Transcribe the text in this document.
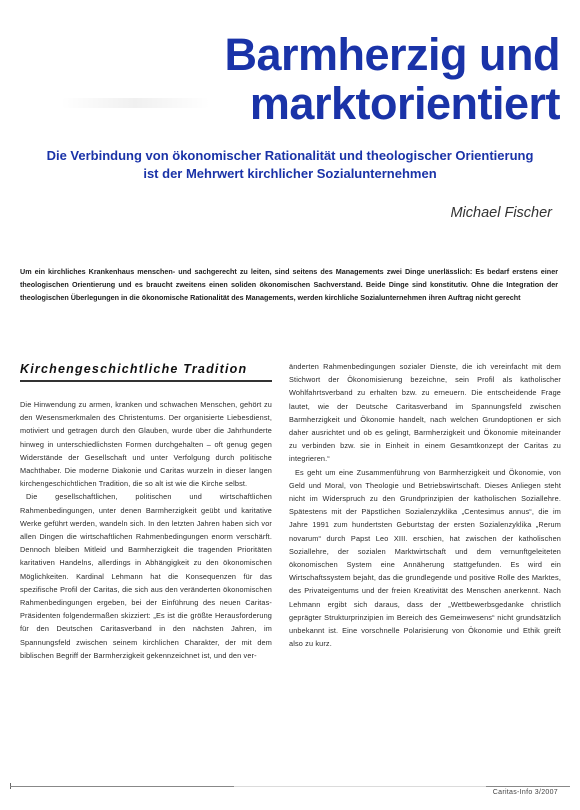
Barmherzig und
marktorientiert
Die Verbindung von ökonomischer Rationalität und theologischer Orientierung
ist der Mehrwert kirchlicher Sozialunternehmen
Michael Fischer

Um ein kirchliches Krankenhaus menschen- und sachgerecht zu leiten, sind seitens des Managements zwei Dinge unerlässlich: Es bedarf erstens einer theologischen Orientierung und es braucht zweitens einen soliden ökonomischen Sachverstand. Beide Dinge sind konstitutiv. Ohne die Integration der theologischen Überlegungen in die ökonomische Rationalität des Managements, werden kirchliche Sozialunternehmen ihren Auftrag nicht gerecht

Kirchengeschichtliche Tradition

Die Hinwendung zu armen, kranken und schwachen Menschen, gehört zu den Wesensmerkmalen des Christentums. Der organisierte Liebesdienst, motiviert und getragen durch den Glauben, wurde über die Jahrhunderte hinweg in unterschiedlichsten Formen durchgehalten – oft genug gegen Widerstände der Gesellschaft und unter Verfolgung durch politische Machthaber. Die moderne Diakonie und Caritas wurzeln in dieser langen kirchengeschichtlichen Tradition, die so alt ist wie die Kirche selbst.

Die gesellschaftlichen, politischen und wirtschaftlichen Rahmenbedingungen, unter denen Barmherzigkeit geübt und karitative Werke geführt werden, wandeln sich. In den letzten Jahren haben sich vor allen Dingen die wirtschaftlichen Rahmenbedingungen enorm verschärft. Dennoch bleiben Mitleid und Barmherzigkeit die tragenden Prioritäten karitativen Handelns, allerdings in Abhängigkeit zu den ökonomischen Möglichkeiten. Kardinal Lehmann hat die Konsequenzen für das spezifische Profil der Caritas, die sich aus den veränderten ökonomischen Rahmenbedingungen ergeben, bei der Einführung des neuen Caritas-Präsidenten folgendermaßen skizziert: „Es ist die größte Herausforderung für den Deutschen Caritasverband in den nächsten Jahren, im Spannungsfeld zwischen seinem kirchlichen Charakter, der mit dem biblischen Begriff der Barmherzigkeit gekennzeichnet ist, und den ver-

änderten Rahmenbedingungen sozialer Dienste, die ich vereinfacht mit dem Stichwort der Ökonomisierung bezeichne, sein Profil als katholischer Wohlfahrtsverband zu erhalten bzw. zu erneuern. Die entscheidende Frage lautet, wie der Deutsche Caritasverband im Spannungsfeld zwischen Barmherzigkeit und Ökonomie handelt, nach welchen Grundoptionen er sich daher ausrichtet und ob es gelingt, Barmherzigkeit und Ökonomie miteinander zu verbinden bzw. sie in Einheit in einem Gesamtkonzept der Caritas zu integrieren.“

Es geht um eine Zusammenführung von Barmherzigkeit und Ökonomie, von Geld und Moral, von Theologie und Betriebswirtschaft. Dieses Anliegen steht nicht im Widerspruch zu den Grundprinzipien der katholischen Soziallehre. Spätestens mit der Päpstlichen Sozialenzyklika „Centesimus annus“, die im Jahre 1991 zum hundertsten Geburtstag der ersten Sozialenzyklika „Rerum novarum“ durch Papst Leo XIII. erschien, hat zwischen der katholischen Soziallehre, der sozialen Marktwirtschaft und dem vernunftgeleiteten ökonomischen System eine Annäherung stattgefunden. Es wird ein Wirtschaftssystem bejaht, das die grundlegende und positive Rolle des Marktes, des Privateigentums und der freien Kreativität des Menschen anerkennt. Nach Lehmann ergibt sich daraus, dass der „Wettbewerbsgedanke christlich geprägter Strukturprinzipien im Bereich des Gemeinwesens“ nicht grundsätzlich unbekannt ist. Eine vorschnelle Polarisierung von Ökonomie und Ethik greift also zu kurz.

Caritas-Info 3/2007
